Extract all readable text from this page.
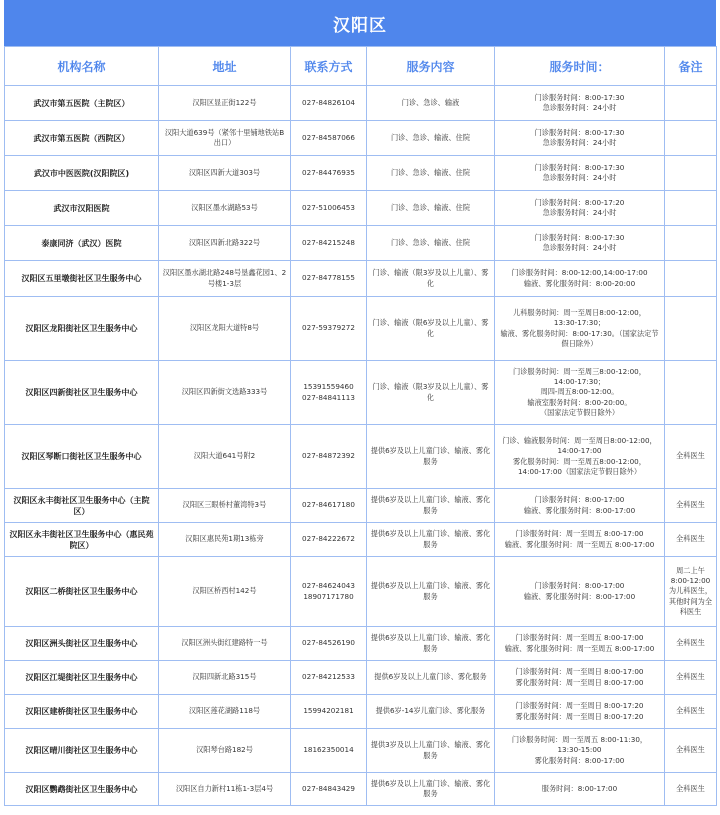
汉阳区
机构名称	地址	联系方式	服务内容	服务时间：	备注
武汉市第五医院（主院区）	汉阳区显正街122号	027-84826104	门诊、急诊、输液	门诊服务时间：8:00-17:30
急诊服务时间：24小时	
武汉市第五医院（西院区）	汉阳大道639号（紧邻十里铺地铁站B出口）	027-84587066	门诊、急诊、输液、住院	门诊服务时间：8:00-17:30
急诊服务时间：24小时	
武汉市中医医院(汉阳院区)	汉阳区四新大道303号	027-84476935	门诊、急诊、输液、住院	门诊服务时间：8:00-17:30
急诊服务时间：24小时	
武汉市汉阳医院	汉阳区墨水湖路53号	027-51006453	门诊、急诊、输液、住院	门诊服务时间：8:00-17:20
急诊服务时间：24小时	
泰康同济（武汉）医院	汉阳区四新北路322号	027-84215248	门诊、急诊、输液、住院	门诊服务时间：8:00-17:30
急诊服务时间：24小时	
汉阳区五里墩街社区卫生服务中心	汉阳区墨水湖北路248号垦鑫花园1、2号楼1-3层	027-84778155	门诊、输液（限3岁及以上儿童）、雾化	门诊服务时间：8:00-12:00,14:00-17:00
输液、雾化服务时间：8:00-20:00	
汉阳区龙阳街社区卫生服务中心	汉阳区龙阳大道特8号	027-59379272	门诊、输液（限6岁及以上儿童）、雾化	儿科服务时间：周一至周日8:00-12:00，
13:30-17:30；
输液、雾化服务时间：8:00-17:30。（国家法定节假日除外）	
汉阳区四新街社区卫生服务中心	汉阳区四新街文选路333号	15391559460
027-84841113	门诊、输液（限3岁及以上儿童）、雾化	门诊服务时间：周一至周三8:00-12:00，
14:00-17:30；
周四-周五8:00-12:00。
输液室服务时间：8:00-20:00。
（国家法定节假日除外）	
汉阳区琴断口街社区卫生服务中心	汉阳大道641号附2	027-84872392	提供6岁及以上儿童门诊、输液、雾化服务	门诊、输液服务时间：周一至周日8:00-12:00，
14:00-17:00
雾化服务时间：周一至周五8:00-12:00，
14:00-17:00（国家法定节假日除外）	全科医生
汉阳区永丰街社区卫生服务中心（主院区）	汉阳区三眼桥村董湾特3号	027-84617180	提供6岁及以上儿童门诊、输液、雾化服务	门诊服务时间：8:00-17:00
输液、雾化服务时间：8:00-17:00	全科医生
汉阳区永丰街社区卫生服务中心（惠民苑院区）	汉阳区惠民苑1期13栋旁	027-84222672	提供6岁及以上儿童门诊、输液、雾化服务	门诊服务时间：周一至周五 8:00-17:00
输液、雾化服务时间：周一至周五 8:00-17:00	全科医生
汉阳区二桥街社区卫生服务中心	汉阳区桥西村142号	027-84624043
18907171780	提供6岁及以上儿童门诊、输液、雾化服务	门诊服务时间：8:00-17:00
输液、雾化服务时间：8:00-17:00	周二上午8:00-12:00为儿科医生，其他时间为全科医生
汉阳区洲头街社区卫生服务中心	汉阳区洲头街红建路特一号	027-84526190	提供6岁及以上儿童门诊、输液、雾化服务	门诊服务时间：周一至周五 8:00-17:00
输液、雾化服务时间：周一至周五 8:00-17:00	全科医生
汉阳区江堤街社区卫生服务中心	汉阳四新北路315号	027-84212533	提供6岁及以上儿童门诊、雾化服务	门诊服务时间：周一至周日 8:00-17:00
雾化服务时间：周一至周日 8:00-17:00	全科医生
汉阳区建桥街社区卫生服务中心	汉阳区莲花湖路118号	15994202181	提供6岁-14岁儿童门诊、雾化服务	门诊服务时间：周一至周日 8:00-17:20
雾化服务时间：周一至周日 8:00-17:20	全科医生
汉阳区晴川街社区卫生服务中心	汉阳琴台路182号	18162350014	提供3岁及以上儿童门诊、输液、雾化服务	门诊服务时间：周一至周五 8:00-11:30，
13:30-15:00
雾化服务时间：8:00-17:00	全科医生
汉阳区鹦鹉街社区卫生服务中心	汉阳区自力新村11栋1-3层4号	027-84843429	提供6岁及以上儿童门诊、输液、雾化服务	服务时间：8:00-17:00	全科医生
